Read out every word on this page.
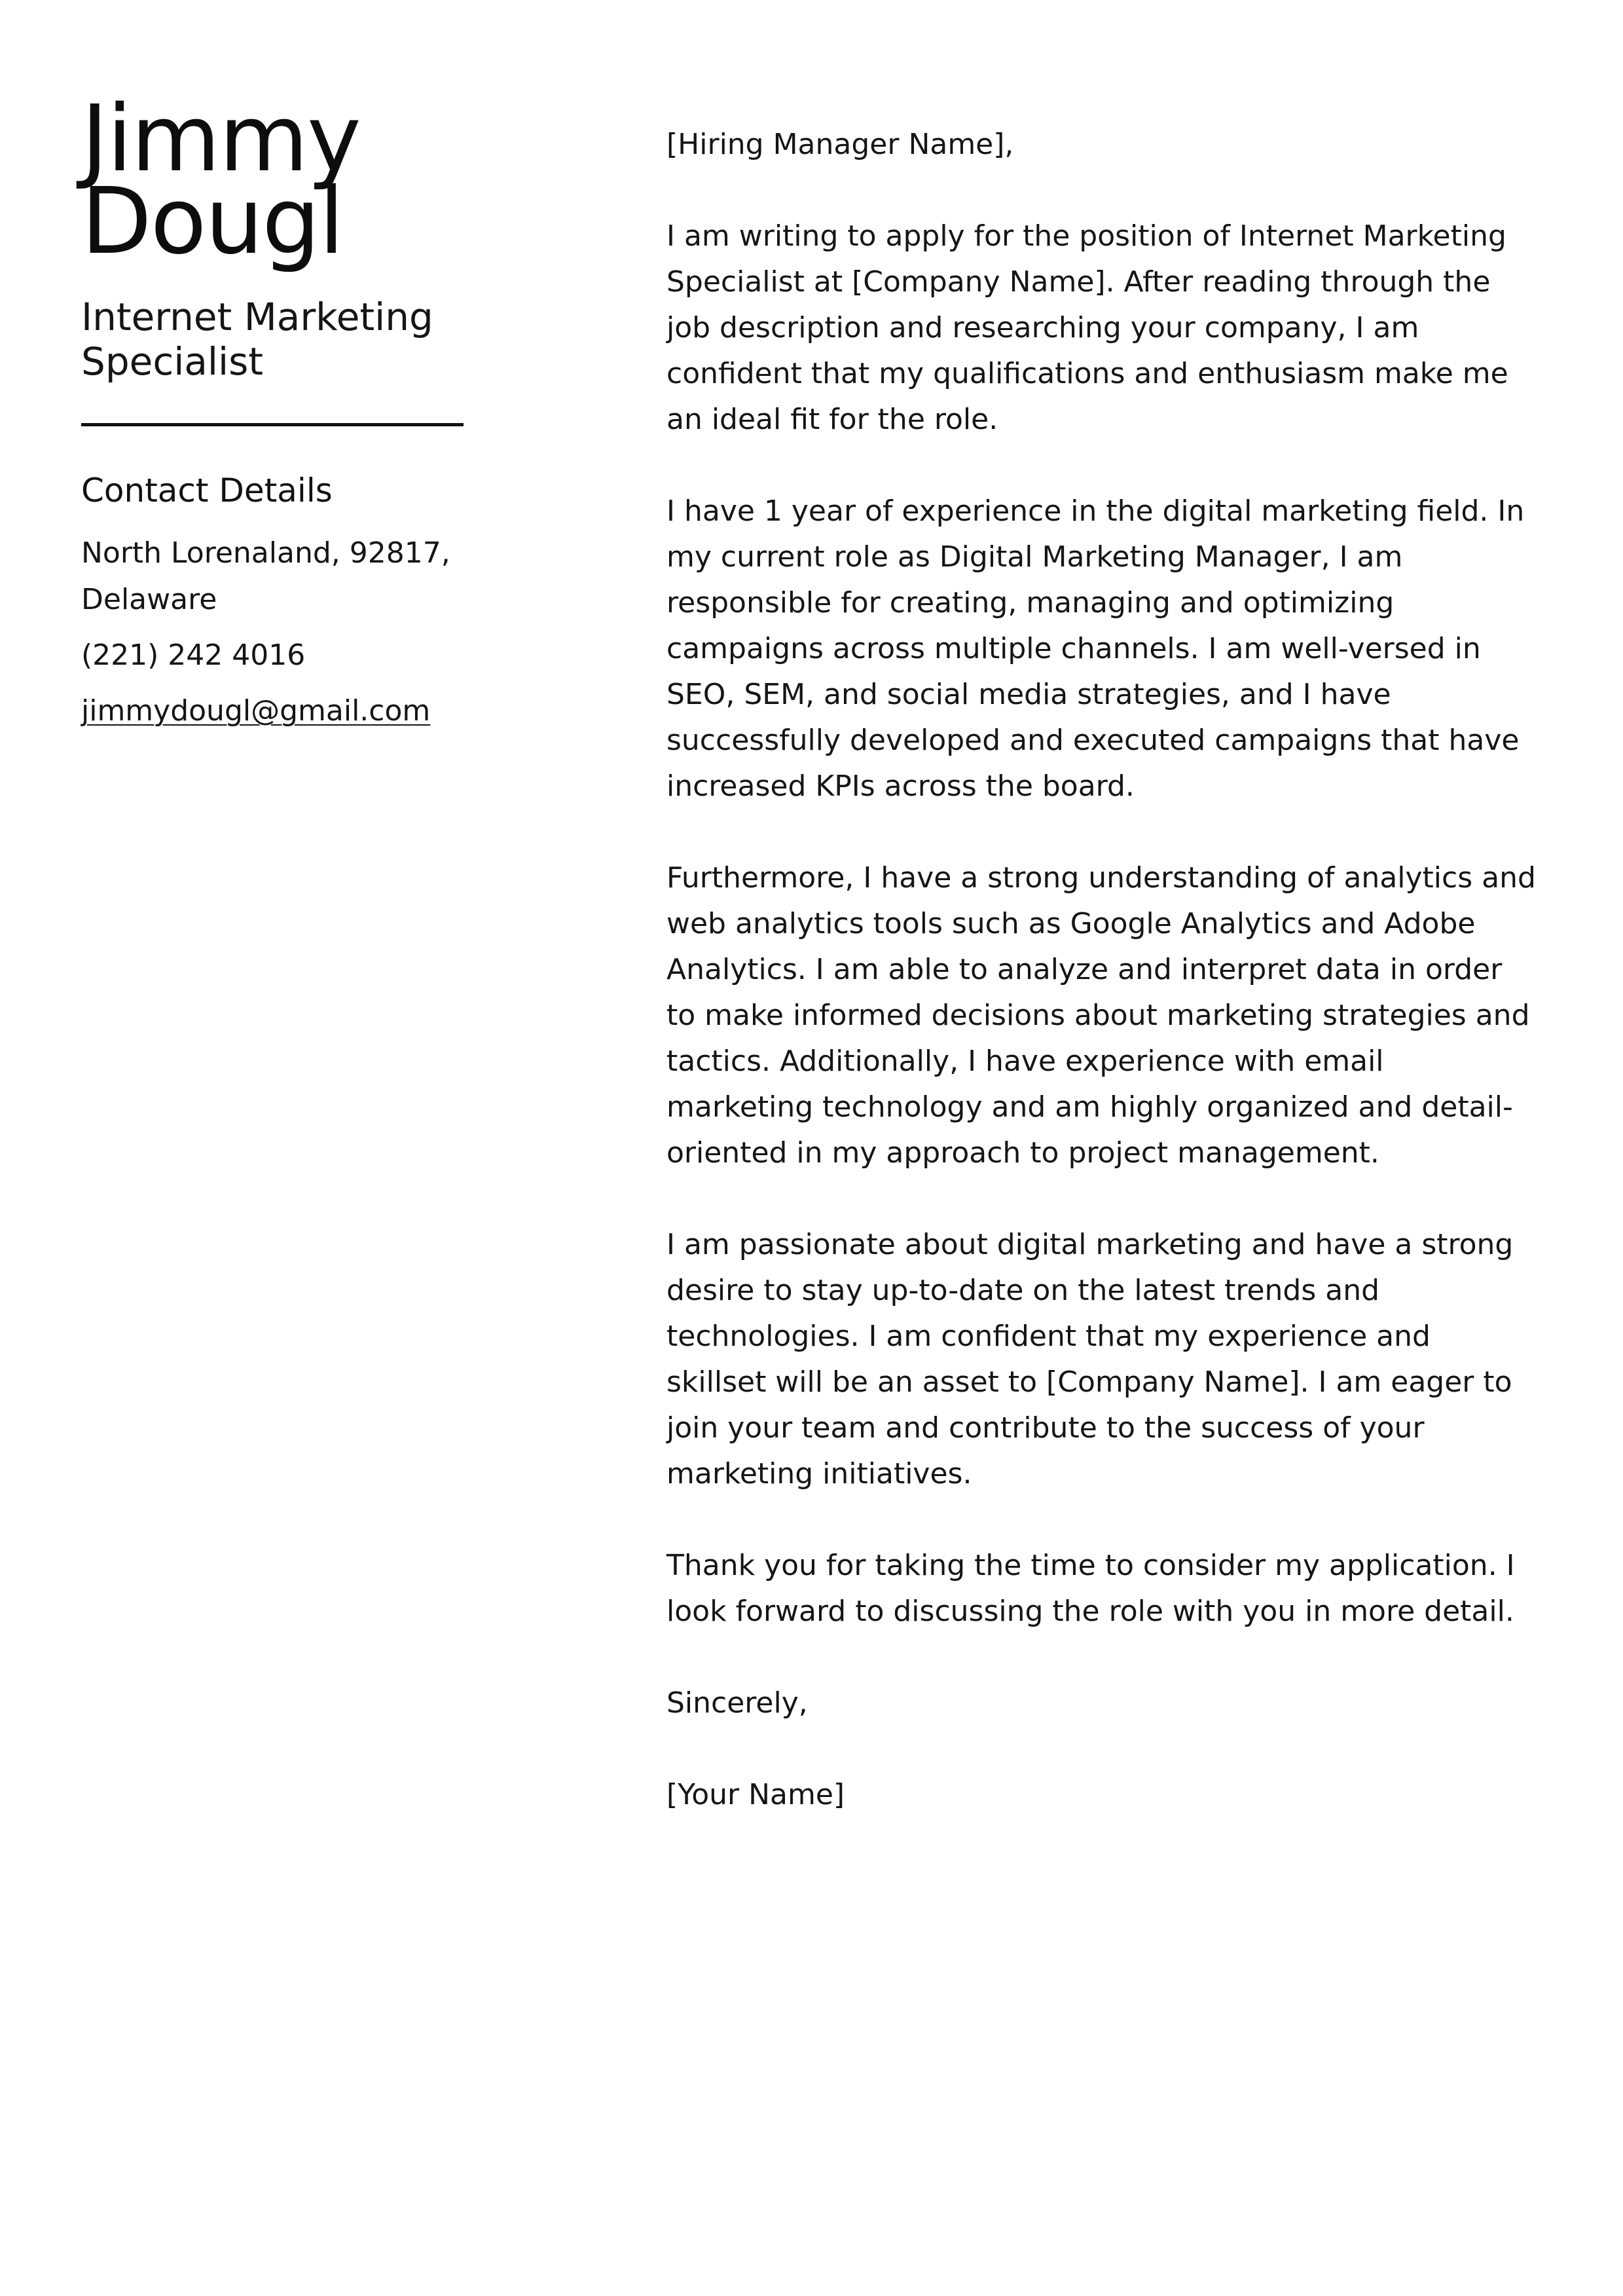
Jimmy
Dougl
Internet Marketing Specialist
Contact Details

North Lorenaland, 92817, Delaware

(221) 242 4016

jimmydougl@gmail.com

[Hiring Manager Name],

I am writing to apply for the position of Internet Marketing Specialist at [Company Name]. After reading through the job description and researching your company, I am confident that my qualifications and enthusiasm make me an ideal fit for the role.

I have 1 year of experience in the digital marketing field. In my current role as Digital Marketing Manager, I am responsible for creating, managing and optimizing campaigns across multiple channels. I am well-versed in SEO, SEM, and social media strategies, and I have successfully developed and executed campaigns that have increased KPIs across the board.

Furthermore, I have a strong understanding of analytics and web analytics tools such as Google Analytics and Adobe Analytics. I am able to analyze and interpret data in order to make informed decisions about marketing strategies and tactics. Additionally, I have experience with email marketing technology and am highly organized and detail-oriented in my approach to project management.

I am passionate about digital marketing and have a strong desire to stay up-to-date on the latest trends and technologies. I am confident that my experience and skillset will be an asset to [Company Name]. I am eager to join your team and contribute to the success of your marketing initiatives.

Thank you for taking the time to consider my application. I look forward to discussing the role with you in more detail.

Sincerely,

[Your Name]
